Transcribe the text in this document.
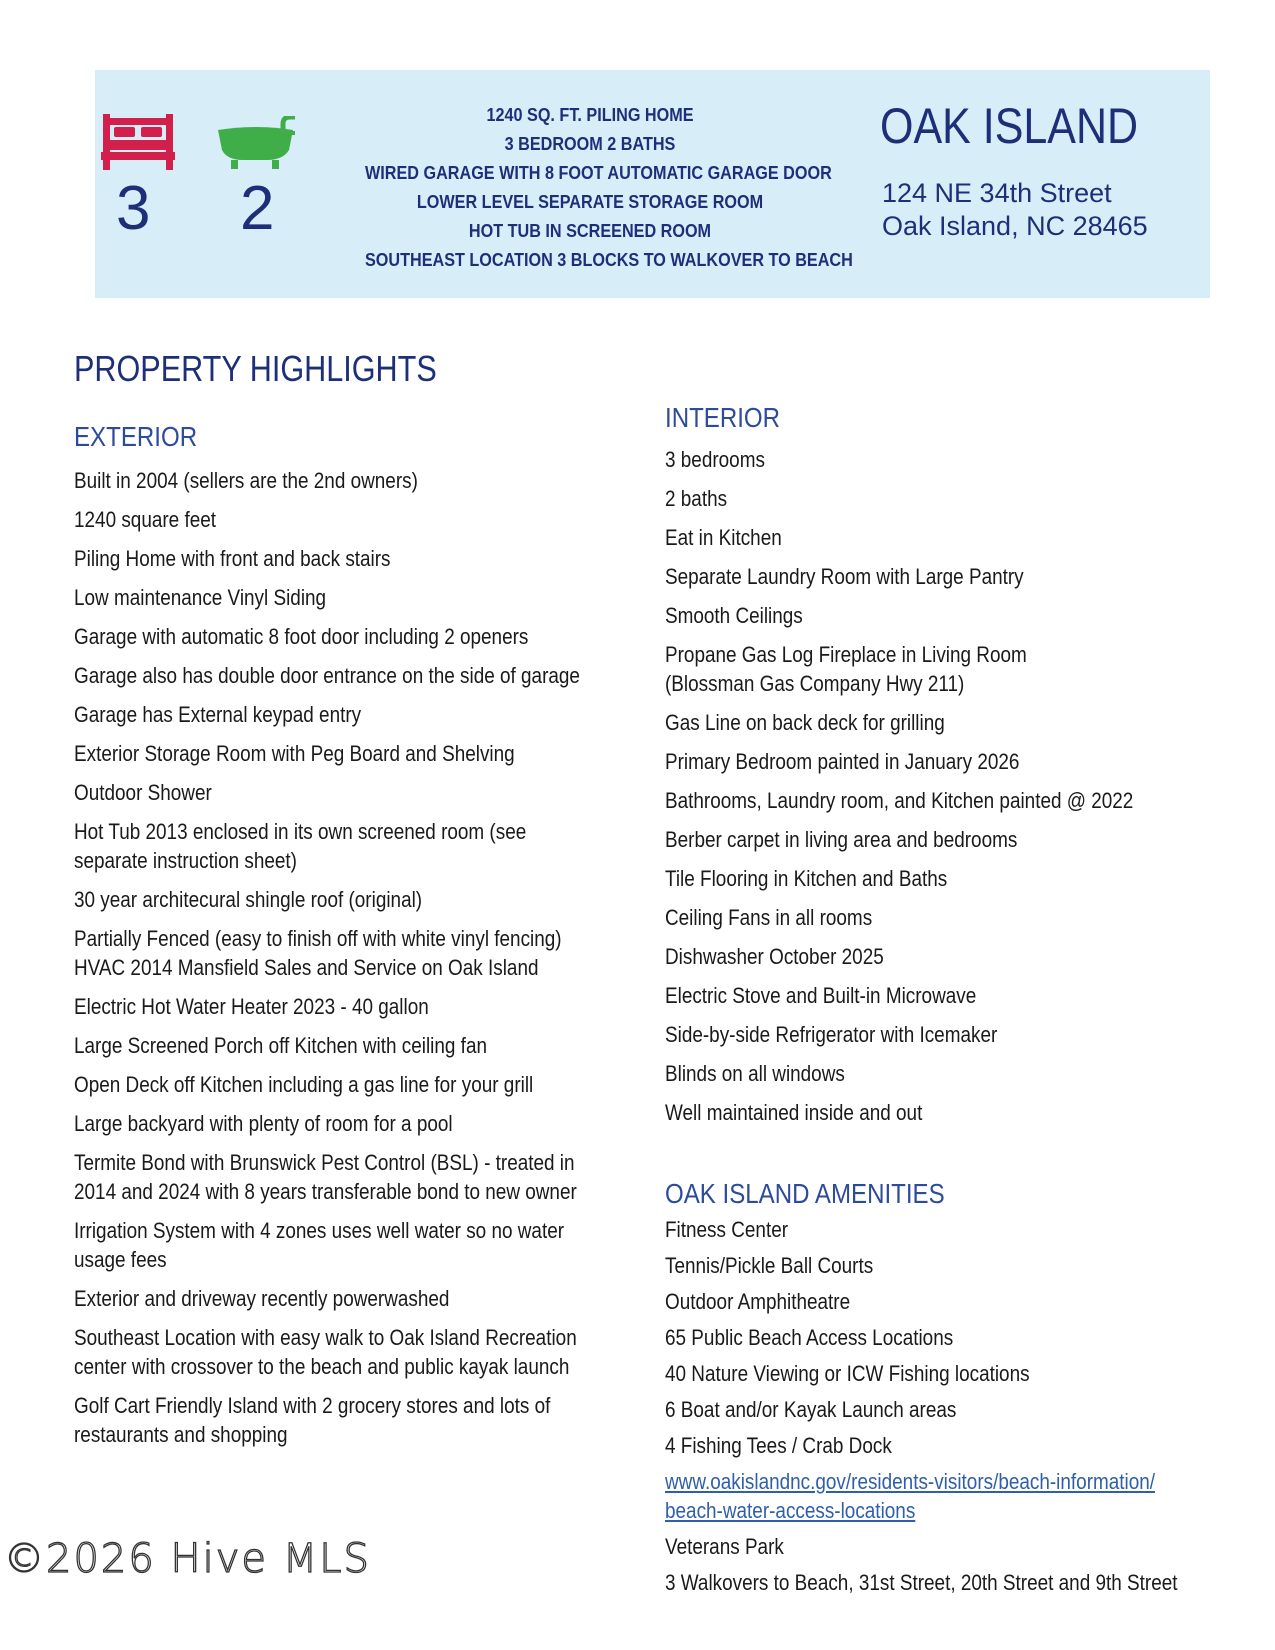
3 2
1240 SQ. FT. PILING HOME
3 BEDROOM 2 BATHS
WIRED GARAGE WITH 8 FOOT AUTOMATIC GARAGE DOOR
LOWER LEVEL SEPARATE STORAGE ROOM
HOT TUB IN SCREENED ROOM
SOUTHEAST LOCATION 3 BLOCKS TO WALKOVER TO BEACH
OAK ISLAND
124 NE 34th Street
Oak Island, NC 28465
PROPERTY HIGHLIGHTS
EXTERIOR
Built in 2004 (sellers are the 2nd owners)
1240 square feet
Piling Home with front and back stairs
Low maintenance Vinyl Siding
Garage with automatic 8 foot door including 2 openers
Garage also has double door entrance on the side of garage
Garage has External keypad entry
Exterior Storage Room with Peg Board and Shelving
Outdoor Shower
Hot Tub 2013 enclosed in its own screened room (see
separate instruction sheet)
30 year architecural shingle roof (original)
Partially Fenced (easy to finish off with white vinyl fencing)
HVAC 2014 Mansfield Sales and Service on Oak Island
Electric Hot Water Heater 2023 - 40 gallon
Large Screened Porch off Kitchen with ceiling fan
Open Deck off Kitchen including a gas line for your grill
Large backyard with plenty of room for a pool
Termite Bond with Brunswick Pest Control (BSL) - treated in
2014 and 2024 with 8 years transferable bond to new owner
Irrigation System with 4 zones uses well water so no water
usage fees
Exterior and driveway recently powerwashed
Southeast Location with easy walk to Oak Island Recreation
center with crossover to the beach and public kayak launch
Golf Cart Friendly Island with 2 grocery stores and lots of
restaurants and shopping
INTERIOR
3 bedrooms
2 baths
Eat in Kitchen
Separate Laundry Room with Large Pantry
Smooth Ceilings
Propane Gas Log Fireplace in Living Room
(Blossman Gas Company Hwy 211)
Gas Line on back deck for grilling
Primary Bedroom painted in January 2026
Bathrooms, Laundry room, and Kitchen painted @ 2022
Berber carpet in living area and bedrooms
Tile Flooring in Kitchen and Baths
Ceiling Fans in all rooms
Dishwasher October 2025
Electric Stove and Built-in Microwave
Side-by-side Refrigerator with Icemaker
Blinds on all windows
Well maintained inside and out
OAK ISLAND AMENITIES
Fitness Center
Tennis/Pickle Ball Courts
Outdoor Amphitheatre
65 Public Beach Access Locations
40 Nature Viewing or ICW Fishing locations
6 Boat and/or Kayak Launch areas
4 Fishing Tees / Crab Dock
www.oakislandnc.gov/residents-visitors/beach-information/
beach-water-access-locations
Veterans Park
3 Walkovers to Beach, 31st Street, 20th Street and 9th Street
©2026 Hive MLS
